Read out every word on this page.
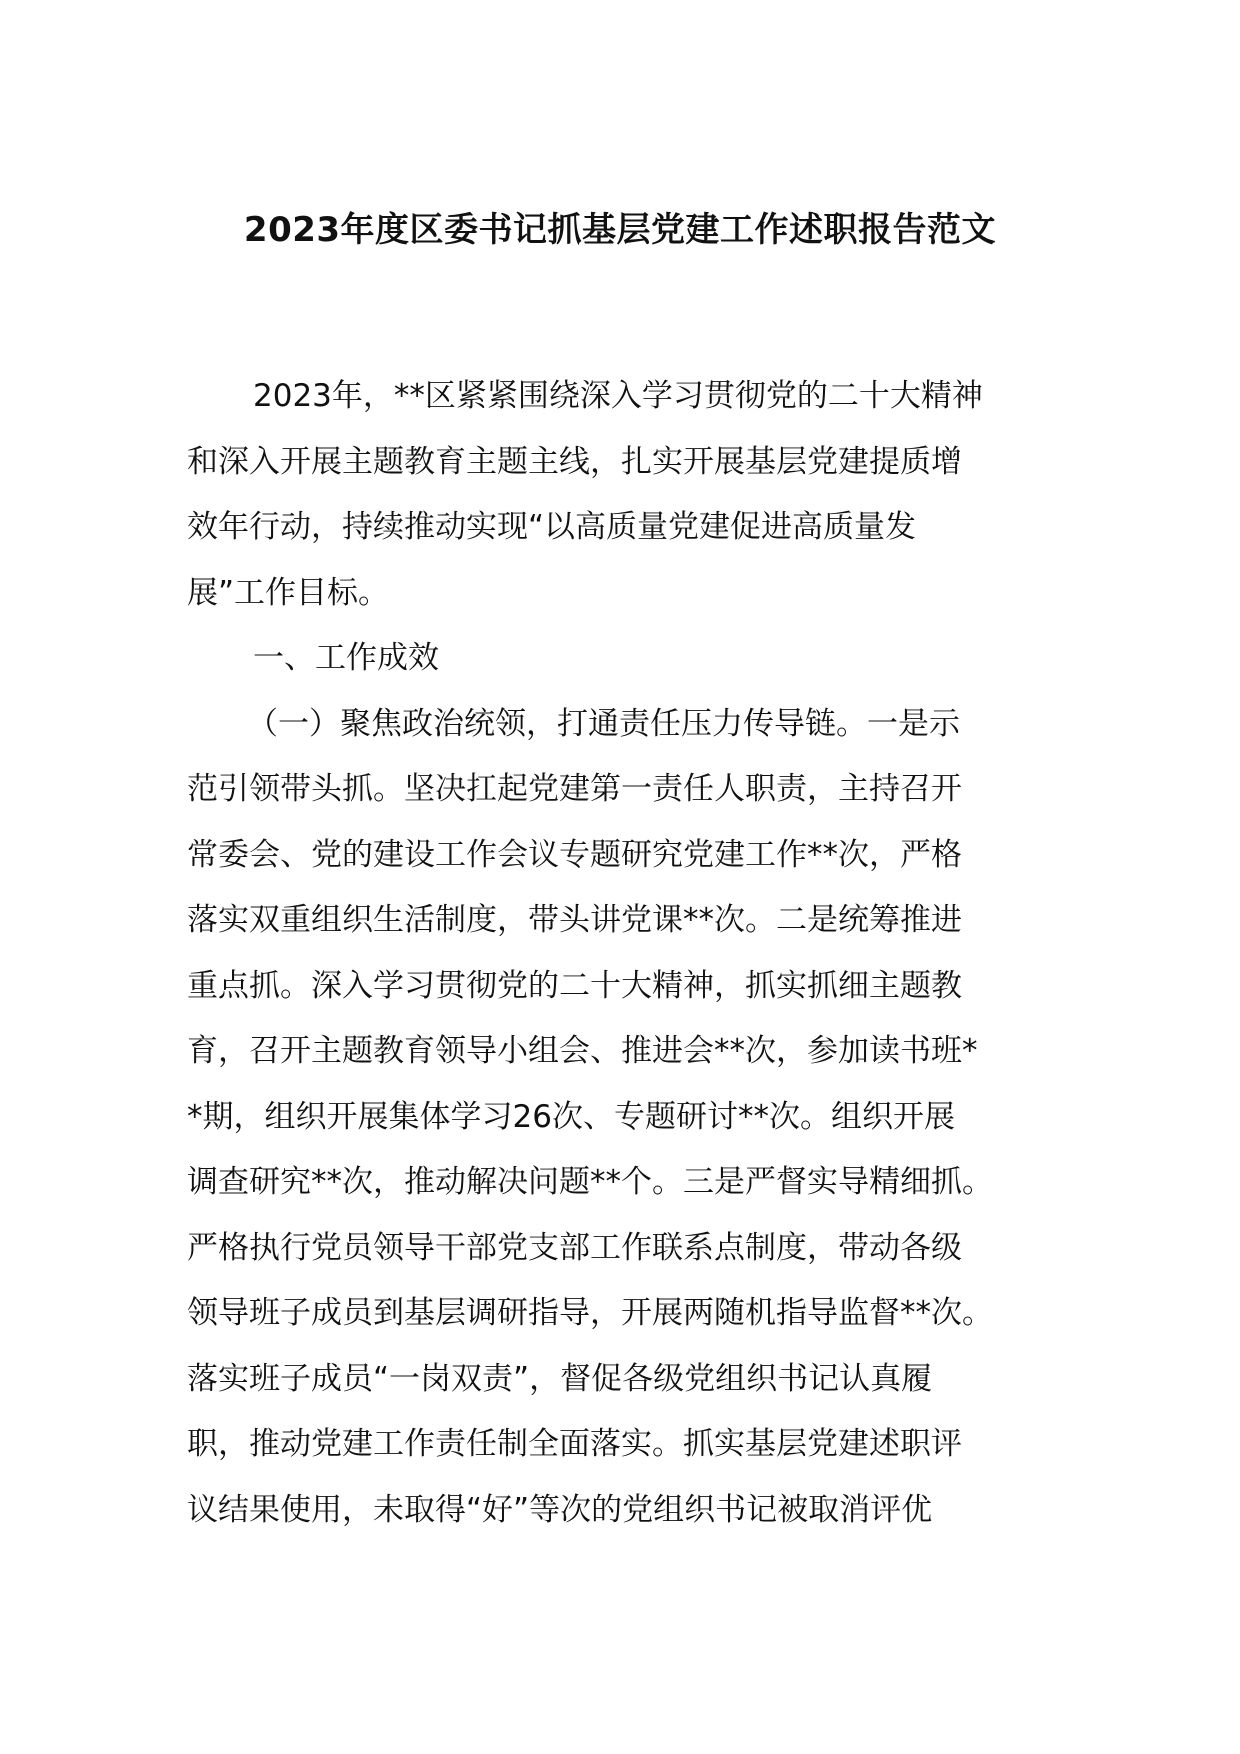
2023年度区委书记抓基层党建工作述职报告范文

2023年，**区紧紧围绕深入学习贯彻党的二十大精神

和深入开展主题教育主题主线，扎实开展基层党建提质增

效年行动，持续推动实现“以高质量党建促进高质量发

展”工作目标。

一、工作成效

（一）聚焦政治统领，打通责任压力传导链。一是示

范引领带头抓。坚决扛起党建第一责任人职责，主持召开

常委会、党的建设工作会议专题研究党建工作**次，严格

落实双重组织生活制度，带头讲党课**次。二是统筹推进

重点抓。深入学习贯彻党的二十大精神，抓实抓细主题教

育，召开主题教育领导小组会、推进会**次，参加读书班*

*期，组织开展集体学习26次、专题研讨**次。组织开展

调查研究**次，推动解决问题**个。三是严督实导精细抓。

严格执行党员领导干部党支部工作联系点制度，带动各级

领导班子成员到基层调研指导，开展两随机指导监督**次。

落实班子成员“一岗双责”，督促各级党组织书记认真履

职，推动党建工作责任制全面落实。抓实基层党建述职评

议结果使用，未取得“好”等次的党组织书记被取消评优
